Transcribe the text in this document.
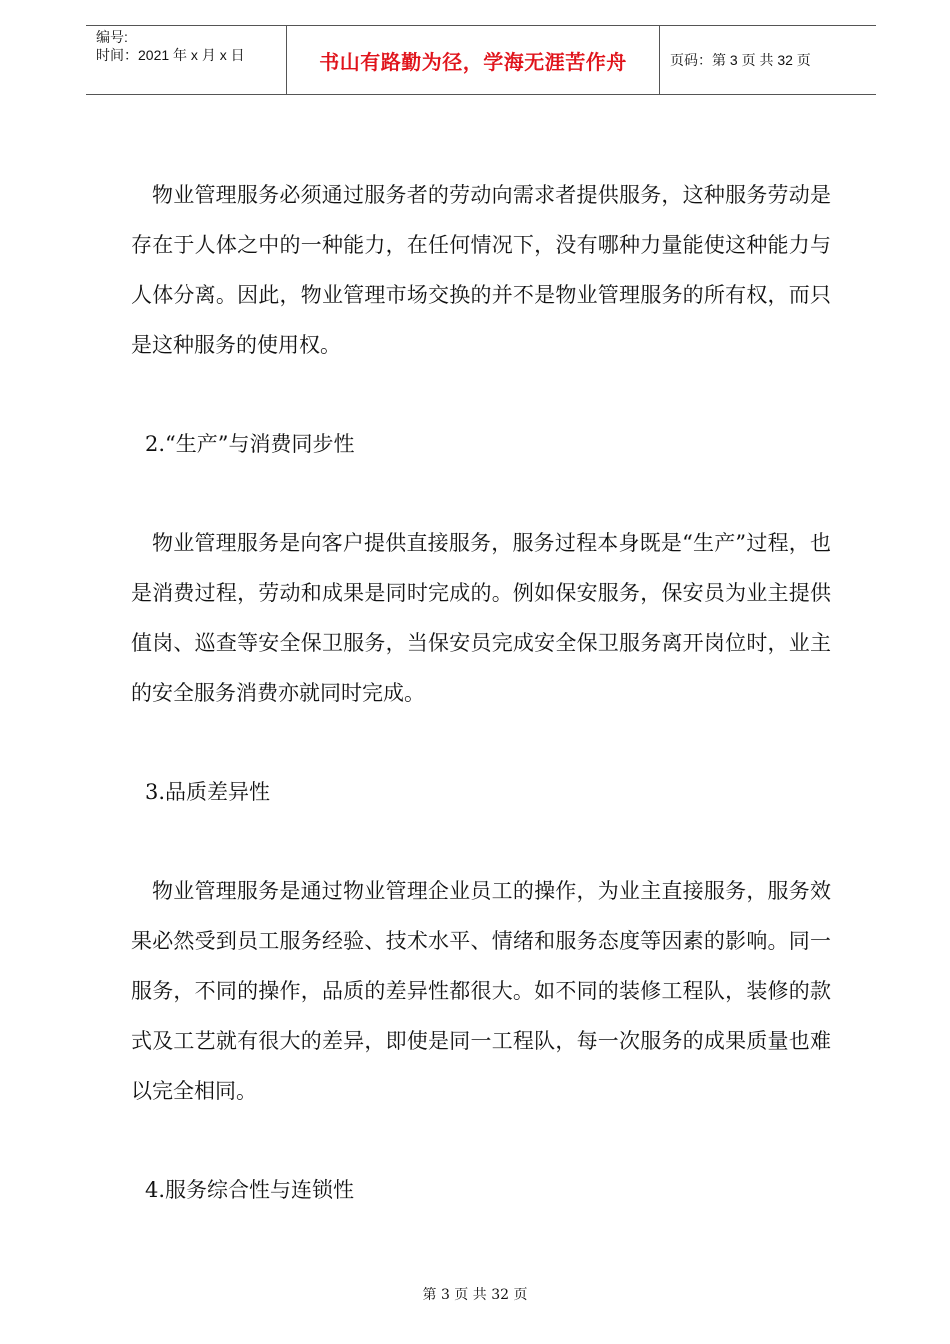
编号:
时间：2021 年 x 月 x 日	书山有路勤为径，学海无涯苦作舟	页码：第 3 页 共 32 页

物业管理服务必须通过服务者的劳动向需求者提供服务，这种服务劳动是存在于人体之中的一种能力，在任何情况下，没有哪种力量能使这种能力与人体分离。因此，物业管理市场交换的并不是物业管理服务的所有权，而只是这种服务的使用权。

2.“生产”与消费同步性

物业管理服务是向客户提供直接服务，服务过程本身既是“生产”过程，也是消费过程，劳动和成果是同时完成的。例如保安服务，保安员为业主提供值岗、巡查等安全保卫服务，当保安员完成安全保卫服务离开岗位时，业主的安全服务消费亦就同时完成。

3.品质差异性

物业管理服务是通过物业管理企业员工的操作，为业主直接服务，服务效果必然受到员工服务经验、技术水平、情绪和服务态度等因素的影响。同一服务，不同的操作，品质的差异性都很大。如不同的装修工程队，装修的款式及工艺就有很大的差异，即使是同一工程队，每一次服务的成果质量也难以完全相同。

4.服务综合性与连锁性

第 3 页 共 32 页
